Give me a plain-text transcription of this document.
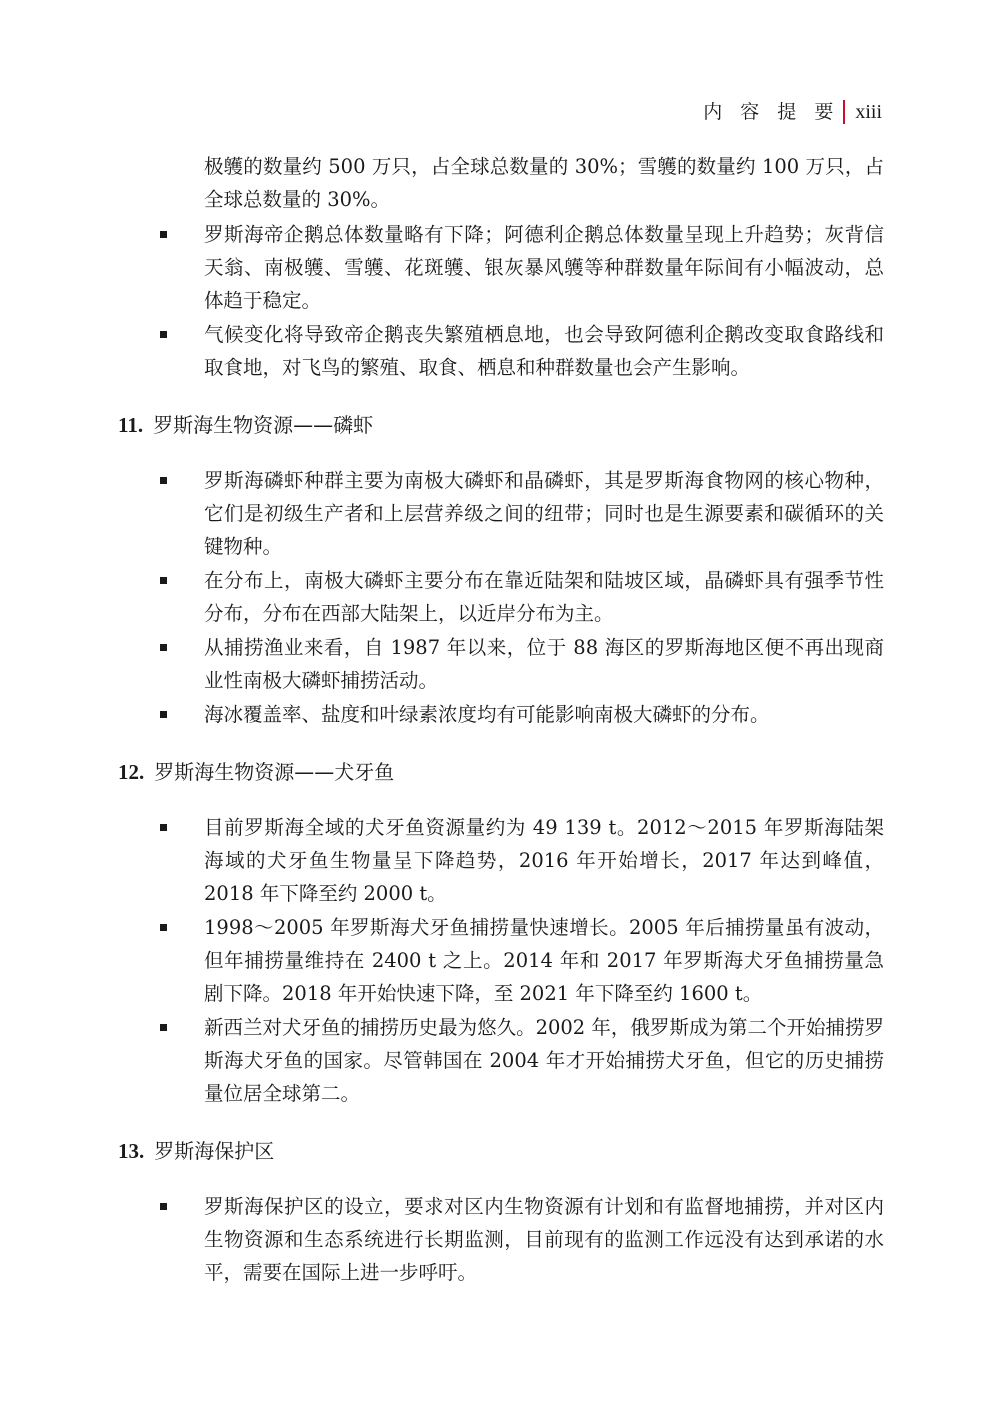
内 容 提 要 xiii

极鹱的数量约 500 万只，占全球总数量的 30%；雪鹱的数量约 100 万只，占全球总数量的 30%。

罗斯海帝企鹅总体数量略有下降；阿德利企鹅总体数量呈现上升趋势；灰背信天翁、南极鹱、雪鹱、花斑鹱、银灰暴风鹱等种群数量年际间有小幅波动，总体趋于稳定。
气候变化将导致帝企鹅丧失繁殖栖息地，也会导致阿德利企鹅改变取食路线和取食地，对飞鸟的繁殖、取食、栖息和种群数量也会产生影响。
11. 罗斯海生物资源——磷虾
罗斯海磷虾种群主要为南极大磷虾和晶磷虾，其是罗斯海食物网的核心物种，它们是初级生产者和上层营养级之间的纽带；同时也是生源要素和碳循环的关键物种。
在分布上，南极大磷虾主要分布在靠近陆架和陆坡区域，晶磷虾具有强季节性分布，分布在西部大陆架上，以近岸分布为主。
从捕捞渔业来看，自 1987 年以来，位于 88 海区的罗斯海地区便不再出现商业性南极大磷虾捕捞活动。
海冰覆盖率、盐度和叶绿素浓度均有可能影响南极大磷虾的分布。
12. 罗斯海生物资源——犬牙鱼
目前罗斯海全域的犬牙鱼资源量约为 49 139 t。2012～2015 年罗斯海陆架海域的犬牙鱼生物量呈下降趋势，2016 年开始增长，2017 年达到峰值，2018 年下降至约 2000 t。
1998～2005 年罗斯海犬牙鱼捕捞量快速增长。2005 年后捕捞量虽有波动，但年捕捞量维持在 2400 t 之上。2014 年和 2017 年罗斯海犬牙鱼捕捞量急剧下降。2018 年开始快速下降，至 2021 年下降至约 1600 t。
新西兰对犬牙鱼的捕捞历史最为悠久。2002 年，俄罗斯成为第二个开始捕捞罗斯海犬牙鱼的国家。尽管韩国在 2004 年才开始捕捞犬牙鱼，但它的历史捕捞量位居全球第二。
13. 罗斯海保护区
罗斯海保护区的设立，要求对区内生物资源有计划和有监督地捕捞，并对区内生物资源和生态系统进行长期监测，目前现有的监测工作远没有达到承诺的水平，需要在国际上进一步呼吁。
